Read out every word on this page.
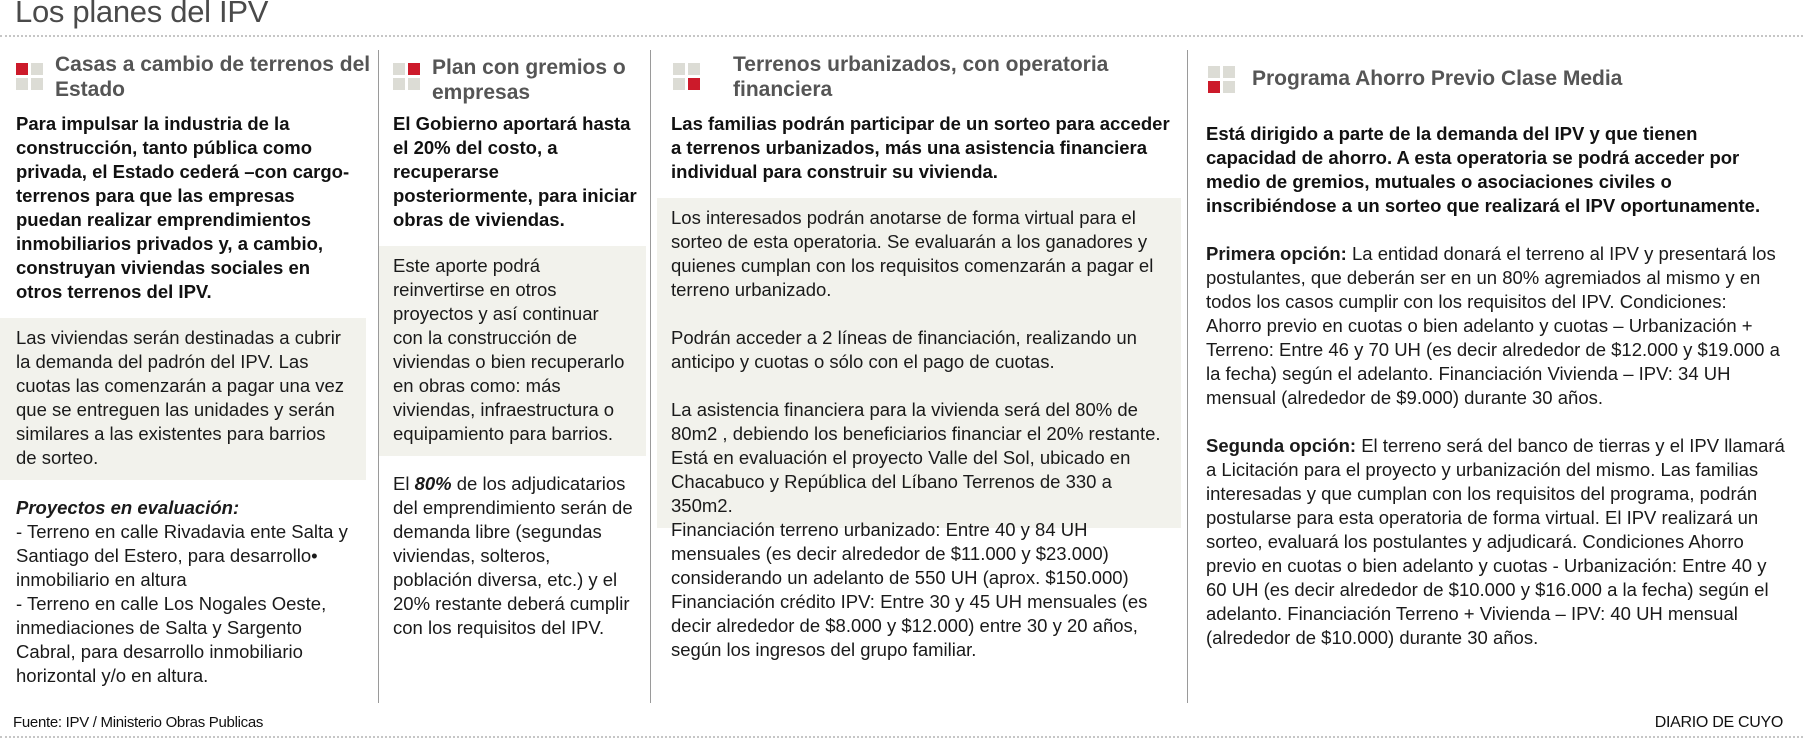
Los planes del IPV
Casas a cambio de terrenos del Estado

Para impulsar la industria de la construcción, tanto pública como privada, el Estado cederá –con cargo- terrenos para que las empresas puedan realizar emprendimientos inmobiliarios privados y, a cambio, construyan viviendas sociales en otros terrenos del IPV.

Las viviendas serán destinadas a cubrir la demanda del padrón del IPV. Las cuotas las comenzarán a pagar una vez que se entreguen las unidades y serán similares a las existentes para barrios de sorteo.

Proyectos en evaluación:

- Terreno en calle Rivadavia ente Salta y Santiago del Estero, para desarrollo• inmobiliario en altura

- Terreno en calle Los Nogales Oeste, inmediaciones de Salta y Sargento Cabral, para desarrollo inmobiliario horizontal y/o en altura.

Plan con gremios o empresas

El Gobierno aportará hasta el 20% del costo, a recuperarse posteriormente, para iniciar obras de viviendas.

Este aporte podrá reinvertirse en otros proyectos y así continuar con la construcción de viviendas o bien recuperarlo en obras como: más viviendas, infraestructura o equipamiento para barrios.

El 80% de los adjudicatarios del emprendimiento serán de demanda libre (segundas viviendas, solteros, población diversa, etc.) y el 20% restante deberá cumplir con los requisitos del IPV.

Terrenos urbanizados, con operatoria financiera

Las familias podrán participar de un sorteo para acceder a terrenos urbanizados, más una asistencia financiera individual para construir su vivienda.

Los interesados podrán anotarse de forma virtual para el sorteo de esta operatoria. Se evaluarán a los ganadores y quienes cumplan con los requisitos comenzarán a pagar el terreno urbanizado.

Podrán acceder a 2 líneas de financiación, realizando un anticipo y cuotas o sólo con el pago de cuotas.

La asistencia financiera para la vivienda será del 80% de 80m2 , debiendo los beneficiarios financiar el 20% restante.

Está en evaluación el proyecto Valle del Sol, ubicado en Chacabuco y República del Líbano Terrenos de 330 a 350m2.

Financiación terreno urbanizado: Entre 40 y 84 UH mensuales (es decir alrededor de $11.000 y $23.000) considerando un adelanto de 550 UH (aprox. $150.000) Financiación crédito IPV: Entre 30 y 45 UH mensuales (es decir alrededor de $8.000 y $12.000) entre 30 y 20 años, según los ingresos del grupo familiar.

Programa Ahorro Previo Clase Media

Está dirigido a parte de la demanda del IPV y que tienen capacidad de ahorro. A esta operatoria se podrá acceder por medio de gremios, mutuales o asociaciones civiles o inscribiéndose a un sorteo que realizará el IPV oportunamente.

Primera opción: La entidad donará el terreno al IPV y presentará los postulantes, que deberán ser en un 80% agremiados al mismo y en todos los casos cumplir con los requisitos del IPV. Condiciones: Ahorro previo en cuotas o bien adelanto y cuotas – Urbanización + Terreno: Entre 46 y 70 UH (es decir alrededor de $12.000 y $19.000 a la fecha) según el adelanto. Financiación Vivienda – IPV: 34 UH mensual (alrededor de $9.000) durante 30 años.

Segunda opción: El terreno será del banco de tierras y el IPV llamará a Licitación para el proyecto y urbanización del mismo. Las familias interesadas y que cumplan con los requisitos del programa, podrán postularse para esta operatoria de forma virtual. El IPV realizará un sorteo, evaluará los postulantes y adjudicará. Condiciones Ahorro previo en cuotas o bien adelanto y cuotas - Urbanización: Entre 40 y 60 UH (es decir alrededor de $10.000 y $16.000 a la fecha) según el adelanto. Financiación Terreno + Vivienda – IPV: 40 UH mensual (alrededor de $10.000) durante 30 años.

Fuente: IPV / Ministerio Obras Publicas	DIARIO DE CUYO
